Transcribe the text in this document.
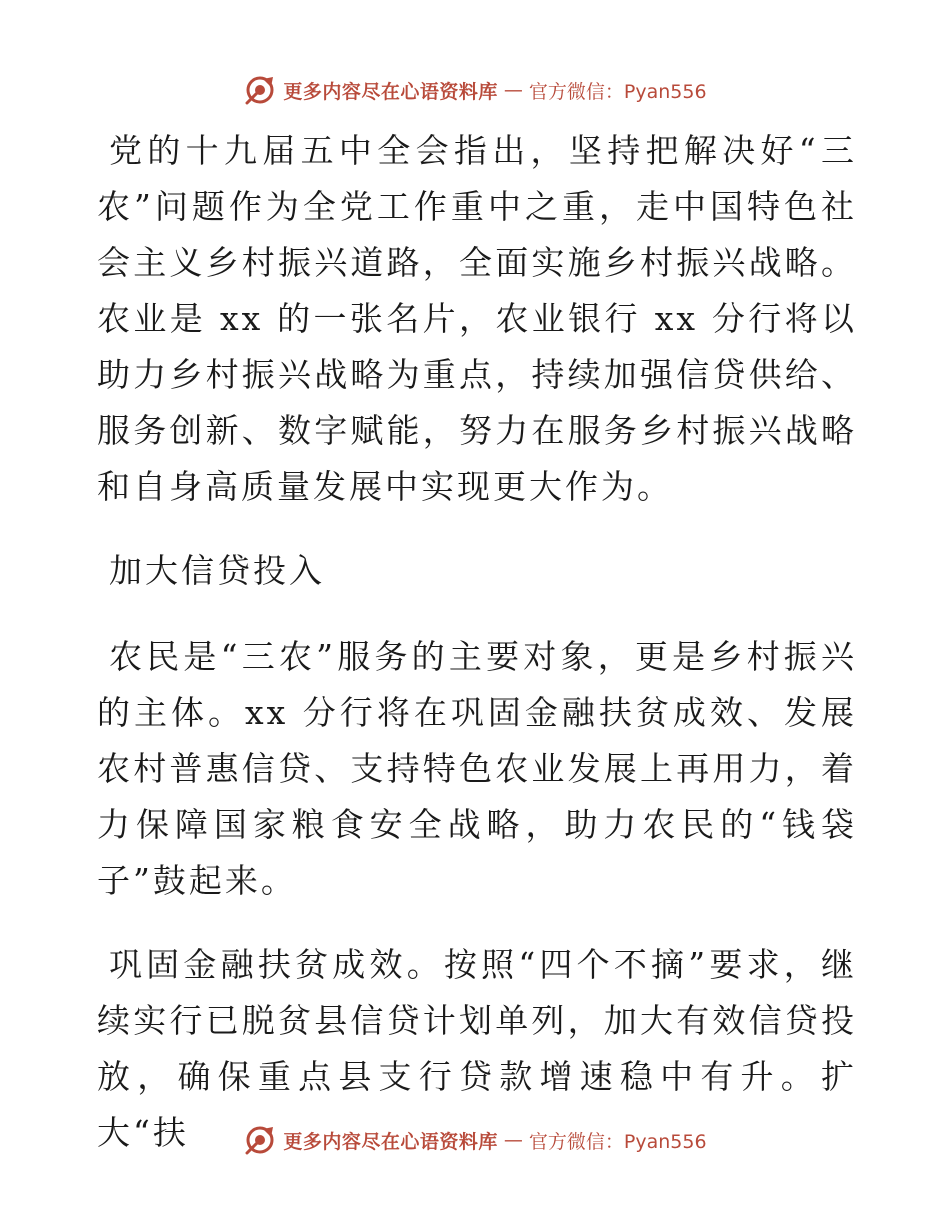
更多内容尽在心语资料库 — 官方微信：Pyan556

党的十九届五中全会指出，坚持把解决好“三农”问题作为全党工作重中之重，走中国特色社会主义乡村振兴道路，全面实施乡村振兴战略。农业是 xx 的一张名片，农业银行 xx 分行将以助力乡村振兴战略为重点，持续加强信贷供给、服务创新、数字赋能，努力在服务乡村振兴战略和自身高质量发展中实现更大作为。

加大信贷投入

农民是“三农”服务的主要对象，更是乡村振兴的主体。xx 分行将在巩固金融扶贫成效、发展农村普惠信贷、支持特色农业发展上再用力，着力保障国家粮食安全战略，助力农民的“钱袋子”鼓起来。

巩固金融扶贫成效。按照“四个不摘”要求，继续实行已脱贫县信贷计划单列，加大有效信贷投放，确保重点县支行贷款增速稳中有升。扩大“扶	更多内容尽在心语资料库 — 官方微信：Pyan556
